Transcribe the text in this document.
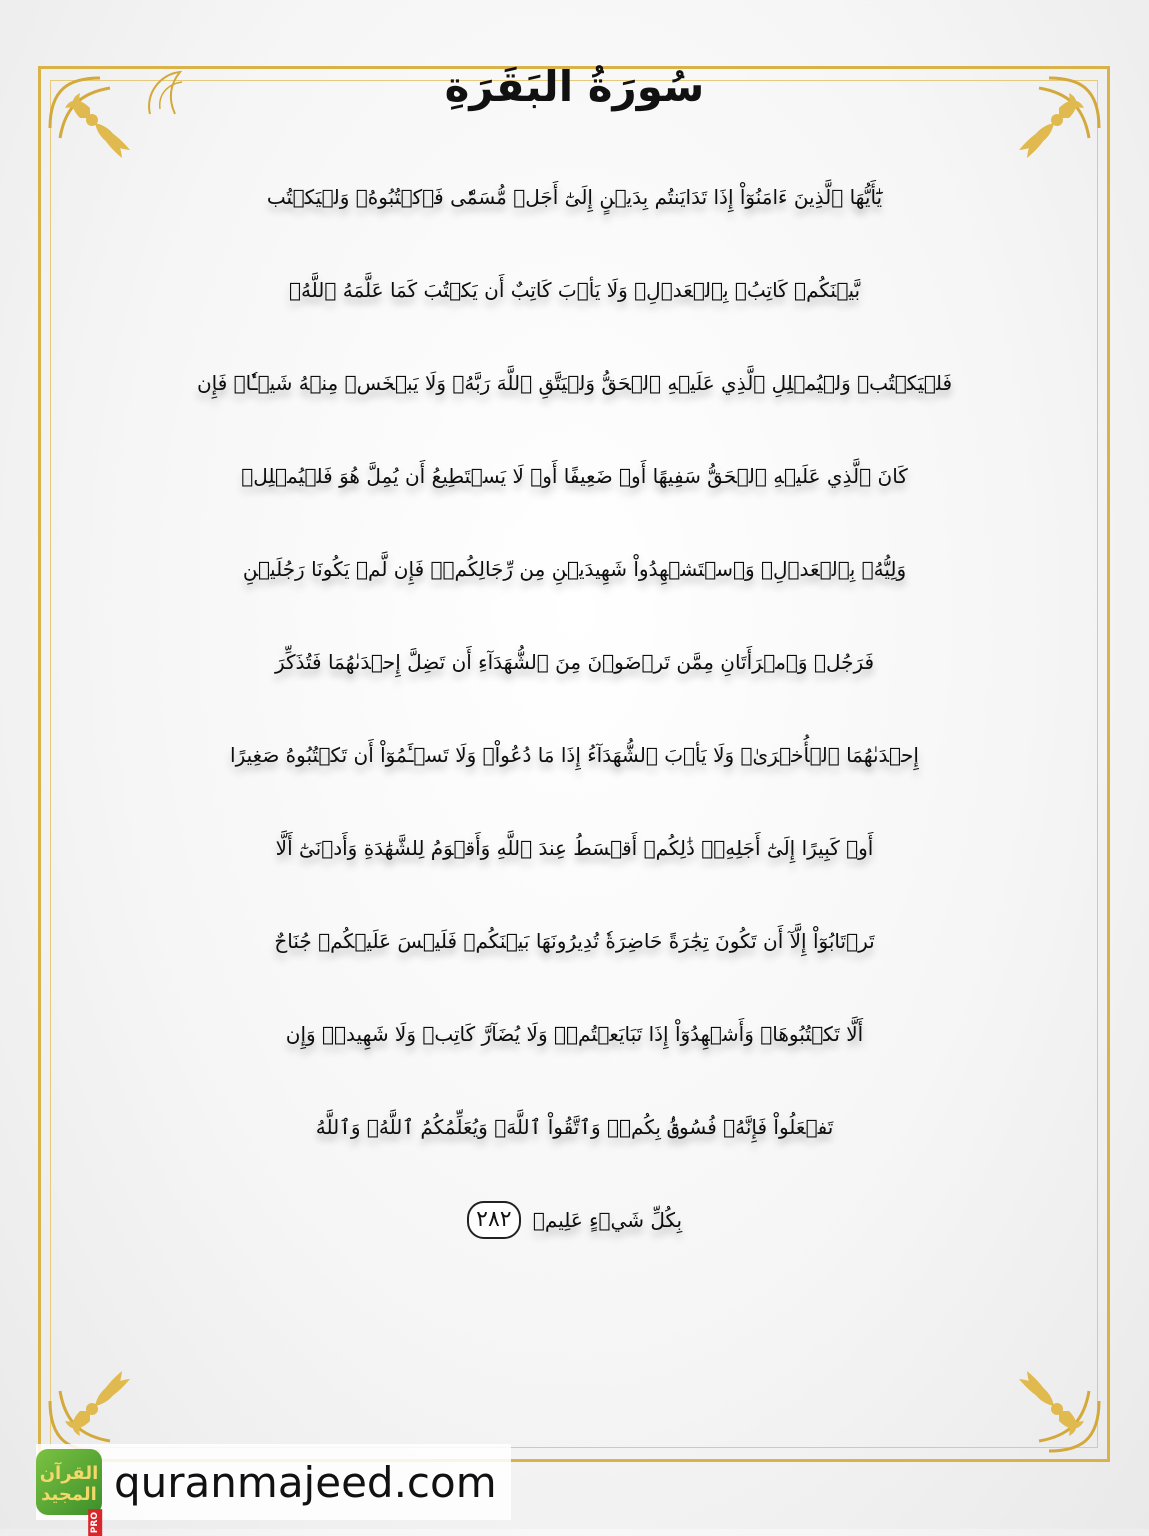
سُورَةُ البَقَرَةِ
يَٰٓأَيُّهَا ٱلَّذِينَ ءَامَنُوٓاْ إِذَا تَدَايَنتُم بِدَيۡنٍ إِلَىٰٓ أَجَلٖ مُّسَمّٗى فَٱكۡتُبُوهُۚ وَلۡيَكۡتُب
بَّيۡنَكُمۡ كَاتِبُۢ بِٱلۡعَدۡلِۚ وَلَا يَأۡبَ كَاتِبٌ أَن يَكۡتُبَ كَمَا عَلَّمَهُ ٱللَّهُۚ
فَلۡيَكۡتُبۡ وَلۡيُمۡلِلِ ٱلَّذِي عَلَيۡهِ ٱلۡحَقُّ وَلۡيَتَّقِ ٱللَّهَ رَبَّهُۥ وَلَا يَبۡخَسۡ مِنۡهُ شَيۡـٔٗاۚ فَإِن
كَانَ ٱلَّذِي عَلَيۡهِ ٱلۡحَقُّ سَفِيهًا أَوۡ ضَعِيفًا أَوۡ لَا يَسۡتَطِيعُ أَن يُمِلَّ هُوَ فَلۡيُمۡلِلۡ
وَلِيُّهُۥ بِٱلۡعَدۡلِۚ وَٱسۡتَشۡهِدُواْ شَهِيدَيۡنِ مِن رِّجَالِكُمۡۖ فَإِن لَّمۡ يَكُونَا رَجُلَيۡنِ
فَرَجُلٞ وَٱمۡرَأَتَانِ مِمَّن تَرۡضَوۡنَ مِنَ ٱلشُّهَدَآءِ أَن تَضِلَّ إِحۡدَىٰهُمَا فَتُذَكِّرَ
إِحۡدَىٰهُمَا ٱلۡأُخۡرَىٰۚ وَلَا يَأۡبَ ٱلشُّهَدَآءُ إِذَا مَا دُعُواْۚ وَلَا تَسۡـَٔمُوٓاْ أَن تَكۡتُبُوهُ صَغِيرًا
أَوۡ كَبِيرًا إِلَىٰٓ أَجَلِهِۦۚ ذَٰلِكُمۡ أَقۡسَطُ عِندَ ٱللَّهِ وَأَقۡوَمُ لِلشَّهَٰدَةِ وَأَدۡنَىٰٓ أَلَّا
تَرۡتَابُوٓاْ إِلَّآ أَن تَكُونَ تِجَٰرَةً حَاضِرَةٗ تُدِيرُونَهَا بَيۡنَكُمۡ فَلَيۡسَ عَلَيۡكُمۡ جُنَاحٌ
أَلَّا تَكۡتُبُوهَاۗ وَأَشۡهِدُوٓاْ إِذَا تَبَايَعۡتُمۡۚ وَلَا يُضَآرَّ كَاتِبٞ وَلَا شَهِيدٞۚ وَإِن
تَفۡعَلُواْ فَإِنَّهُۥ فُسُوقُۢ بِكُمۡۗ وَٱتَّقُواْ ٱللَّهَۖ وَيُعَلِّمُكُمُ ٱللَّهُۗ وَٱللَّهُ
بِكُلِّ شَيۡءٍ عَلِيمٞ
٢٨٢
القرآن المجيد
PRO
quranmajeed.com
